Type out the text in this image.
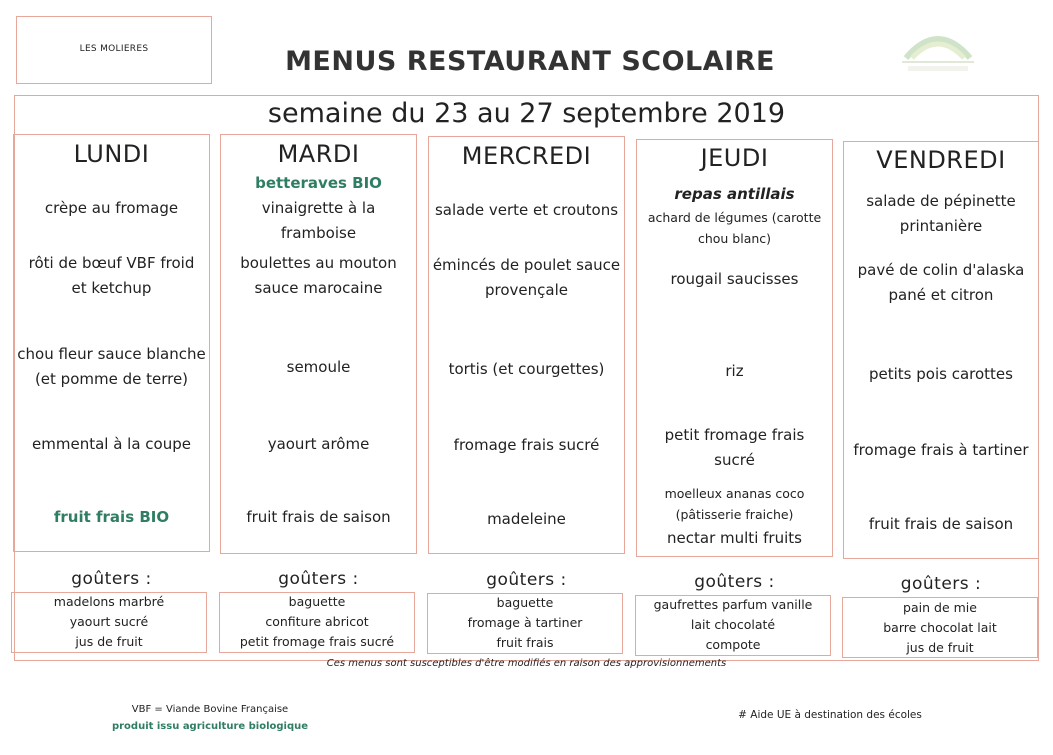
LES MOLIERES	MENUS RESTAURANT SCOLAIRE
semaine du 23 au 27 septembre 2019
LUNDI
crèpe au fromage
rôti de bœuf VBF froid
et ketchup
chou fleur sauce blanche
(et pomme de terre)
emmental à la coupe
fruit frais BIO
goûters :
madelons marbré
yaourt sucré
jus de fruit
MARDI
betteraves BIO
vinaigrette à la
framboise
boulettes au mouton
sauce marocaine
semoule
yaourt arôme
fruit frais de saison
goûters :
baguette
confiture abricot
petit fromage frais sucré
MERCREDI
salade verte et croutons
émincés de poulet sauce
provençale
tortis (et courgettes)
fromage frais sucré
madeleine
goûters :
baguette
fromage à tartiner
fruit frais
JEUDI
repas antillais
achard de légumes (carotte
chou blanc)
rougail saucisses
riz
petit fromage frais
sucré
moelleux ananas coco
(pâtisserie fraiche)
nectar multi fruits
goûters :
gaufrettes parfum vanille
lait chocolaté
compote
VENDREDI
salade de pépinette
printanière
pavé de colin d'alaska
pané et citron
petits pois carottes
fromage frais à tartiner
fruit frais de saison
goûters :
pain de mie
barre chocolat lait
jus de fruit
Ces menus sont susceptibles d'être modifiés en raison des approvisionnements
VBF = Viande Bovine Française
produit issu agriculture biologique
# Aide UE à destination des écoles
